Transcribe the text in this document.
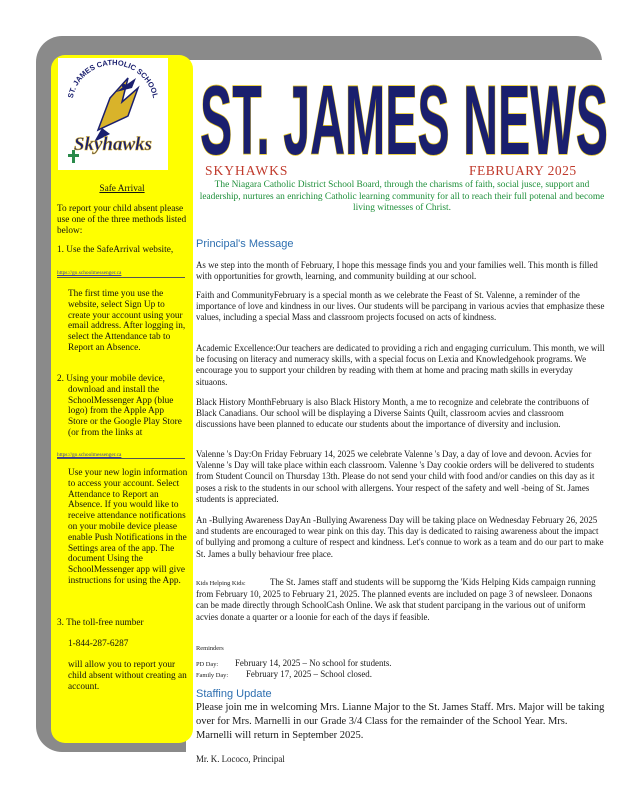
ST. JAMES CATHOLIC SCHOOL
Skyhawks
Safe Arrival
To report your child absent please use one of the three methods listed below:
1. Use the SafeArrival website,
https://go.schoolmessenger.ca
The first time you use the website, select Sign Up to create your account using your email address. After logging in, select the Attendance tab to Report an Absence.

2. Using your mobile device, download and install the SchoolMessenger App (blue logo) from the Apple App Store or the Google Play Store (or from the links at

https://go.schoolmessenger.ca
Use your new login information to access your account. Select Attendance to Report an Absence. If you would like to receive attendance notifications on your mobile device please enable Push Notifications in the Settings area of the app. The document Using the SchoolMessenger app will give instructions for using the App.
3. The toll-free number
1-844-287-6287
will allow you to report your child absent without creating an account.
ST. JAMES NEWS
SKYHAWKS	FEBRUARY 2025
The Niagara Catholic District School Board, through the charisms of faith, social jusce, support and leadership, nurtures an enriching Catholic learning community for all to reach their full potenal and become living witnesses of Christ.
Principal's Message
As we step into the month of February, I hope this message finds you and your families well. This month is filled with opportunities for growth, learning, and community building at our school.
Faith and CommunityFebruary is a special month as we celebrate the Feast of St. Valenne, a reminder of the importance of love and kindness in our lives. Our students will be parcipang in various acvies that emphasize these values, including a special Mass and classroom projects focused on acts of kindness.
Academic Excellence:Our teachers are dedicated to providing a rich and engaging curriculum. This month, we will be focusing on literacy and numeracy skills, with a special focus on Lexia and Knowledgehook programs. We encourage you to support your children by reading with them at home and pracing math skills in everyday situaons.
Black History MonthFebruary is also Black History Month, a me to recognize and celebrate the contribuons of Black Canadians. Our school will be displaying a Diverse Saints Quilt, classroom acvies and classroom discussions have been planned to educate our students about the importance of diversity and inclusion.
Valenne 's Day:On Friday February 14, 2025 we celebrate Valenne 's Day, a day of love and devoon. Acvies for Valenne 's Day will take place within each classroom. Valenne 's Day cookie orders will be delivered to students from Student Council on Thursday 13th. Please do not send your child with food and/or candies on this day as it poses a risk to the students in our school with allergens. Your respect of the safety and well -being of St. James students is appreciated.
An -Bullying Awareness DayAn -Bullying Awareness Day will be taking place on Wednesday February 26, 2025 and students are encouraged to wear pink on this day. This day is dedicated to raising awareness about the impact of bullying and promong a culture of respect and kindness. Let's connue to work as a team and do our part to make St. James a bully behaviour free place.
Kids Helping Kids:	The St. James staff and students will be supporng the 'Kids Helping Kids campaign running from February 10, 2025 to February 21, 2025. The planned events are included on page 3 of newsleer. Donaons can be made directly through SchoolCash Online. We ask that student parcipang in the various out of uniform acvies donate a quarter or a loonie for each of the days if feasible.
Reminders
PD Day: February 14, 2025 – No school for students.
Family Day: February 17, 2025 – School closed.
Staffing Update
Please join me in welcoming Mrs. Lianne Major to the St. James Staff. Mrs. Major will be taking over for Mrs. Marnelli in our Grade 3/4 Class for the remainder of the School Year. Mrs. Marnelli will return in September 2025.
Mr. K. Lococo, Principal
